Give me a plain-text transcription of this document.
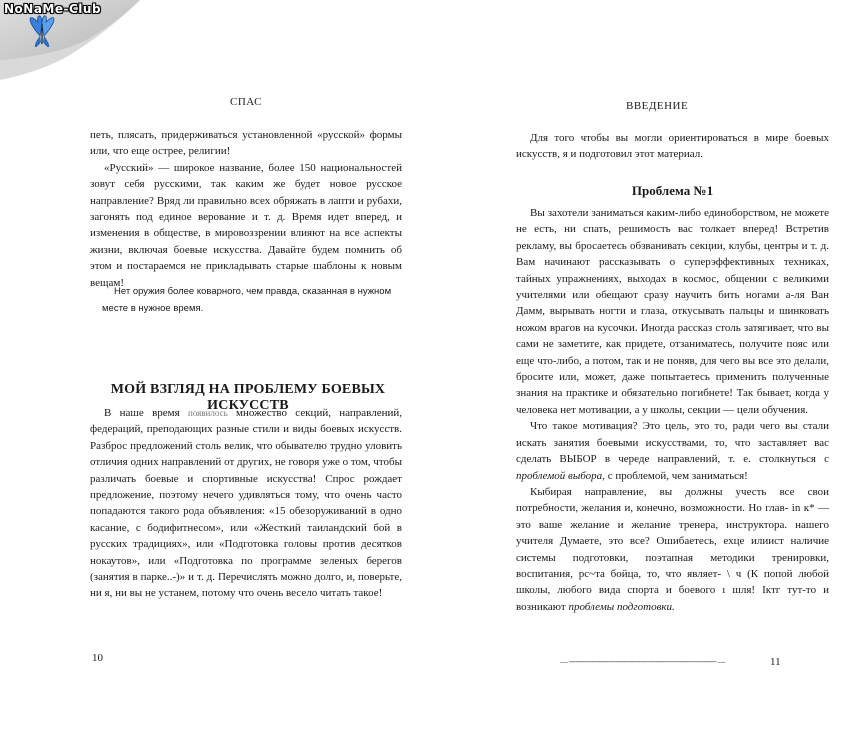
NoNaMe-Club
СПАС

петь, плясать, придерживаться установленной «русской» формы или, что еще острее, религии!

«Русский» — широкое название, более 150 национальностей зовут себя русскими, так каким же будет новое русское направление? Вряд ли правильно всех обряжать в лапти и рубахи, загонять под единое верование и т. д. Время идет вперед, и изменения в обществе, в мировоззрении влияют на все аспекты жизни, включая боевые искусства. Давайте будем помнить об этом и постараемся не прикладывать старые шаблоны к новым вещам!

Нет оружия более коварного, чем правда, сказанная в нужном
месте в нужное время.
МОЙ ВЗГЛЯД НА ПРОБЛЕМУ БОЕВЫХ ИСКУССТВ

В наше время появилось множество секций, направлений, федераций, преподающих разные стили и виды боевых искусств. Разброс предложений столь велик, что обывателю трудно уловить отличия одних направлений от других, не говоря уже о том, чтобы различать боевые и спортивные искусства! Спрос рождает предложение, поэтому нечего удивляться тому, что очень часто попадаются такого рода объявления: «15 обезоруживаний в одно касание, с бодифитнесом», или «Жесткий таиландский бой в русских традициях», или «Подготовка головы против десятков нокаутов», или «Подготовка по программе зеленых берегов (занятия в парке..-)» и т. д. Перечислять можно долго, и, поверьте, ни я, ни вы не устанем, потому что очень весело читать такое!

10
ВВЕДЕНИЕ

Для того чтобы вы могли ориентироваться в мире боевых искусств, я и подготовил этот материал.

Проблема №1

Вы захотели заниматься каким-либо единоборством, не можете не есть, ни спать, решимость вас толкает вперед! Встретив рекламу, вы бросаетесь обзванивать секции, клубы, центры и т. д. Вам начинают рассказывать о суперэффективных техниках, тайных упражнениях, выходах в космос, общении с великими учителями или обещают сразу научить бить ногами а-ля Ван Дамм, вырывать ногти и глаза, откусывать пальцы и шинковать ножом врагов на кусочки. Иногда рассказ столь затягивает, что вы сами не заметите, как придете, отзаниматесь, получите пояс или еще что-либо, а потом, так и не поняв, для чего вы все это делали, бросите или, может, даже попытаетесь применить полученные знания на практике и обязательно погибнете! Так бывает, когда у человека нет мотивации, а у школы, секции — цели обучения.

Что такое мотивация? Это цель, это то, ради чего вы стали искать занятия боевыми искусствами, то, что заставляет вас сделать ВЫБОР в череде направлений, т. е. столкнуться с проблемой выбора, с проблемой, чем заниматься!

Кыбирая направление, вы должны учесть все свои потребности, желания и, конечно, возможности. Но глав- in к* — это ваше желание и желание тренера, инструктора. нашего учителя Думаете, это все? Ошибаетесь, ехце илиист наличие системы подготовки, поэтапная методики тренировки, воспитания, рс~та бойца, то, что являет- \ ч (К попой любой школы, любого вида спорта и боевого ı шля! Iктг тут-то и возникают проблемы подготовки.

— -------------------------------------------------------------------- —	11
